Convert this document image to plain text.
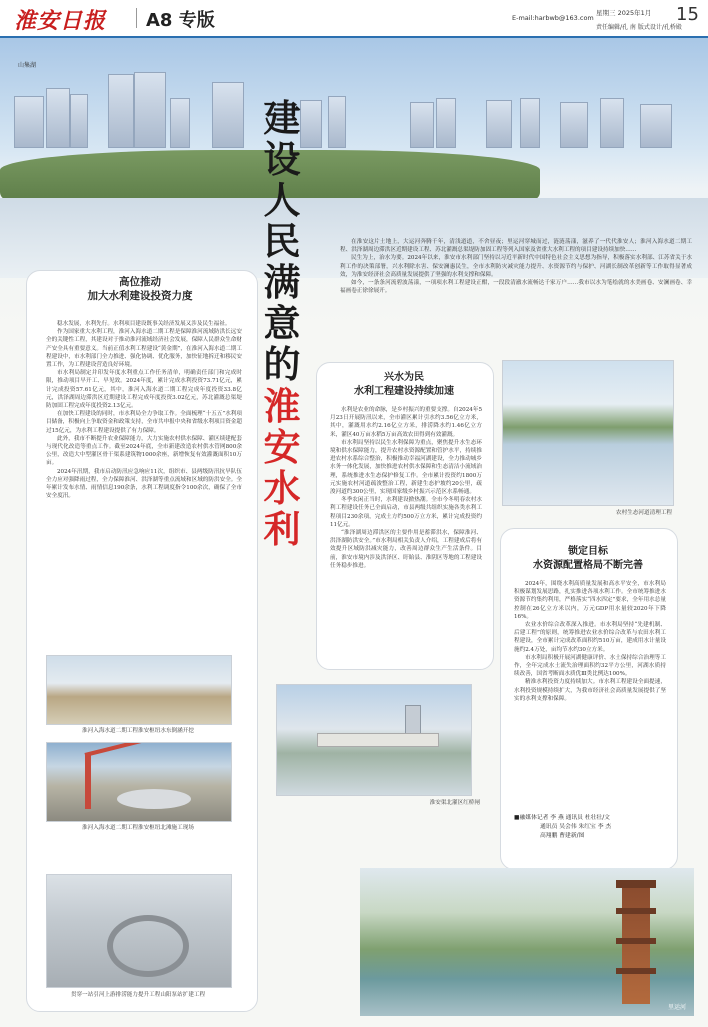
淮安日报 A8 专版	E-mail:harbwb@163.com
星期三 2025年1月 15
责任编辑/孔 南 版式设计/孔桥殿
山集湖
建
设
人
民
满
意
的
淮
安
水
利

在淮安这片土地上，大运河奔腾千年，清浅道道，不舍昼夜；里运河穿城而过，涟涟荡漾，滋养了一代代淮安人；淮河入海水道二期工程、洪泽湖周边滞洪区近期建设工程、苏北灌溉总渠堤防加固工程等列入国家及省重大水利工程的项目建设持续加快……

民生为上，治水为要。2024年以来，淮安市水利部门坚持以习近平新时代中国特色社会主义思想为指导，积极落实水利部、江苏省关于水利工作的决策部署，兴水利除水害、保安澜惠民生，全市水利防灾减灾能力提升、水资源节约与保护、河湖长制改革创新等工作取得显著成效，为淮安经济社会高质量发展提供了坚强的水利支撑和保障。

如今，一条条河流碧波荡漾，一项项水利工程建设正酣，一段段清澈水流畅达千家万户……我市以水为笔绘就的水美画卷、安澜画卷、幸福画卷正徐徐展开。

高位推动
加大水利建设投资力度

稳水发展，水利先行。水利项目建设既事关经济发展又涉及民生福祉。

作为国家重大水利工程，淮河入海水道二期工程是保障淮河流域防洪长远安全的关键性工程，其建设对于推动淮河流域经济社会发展，保障人民群众生命财产安全具有重要意义。当前正值水利工程建设“黄金期”，在淮河入海水道二期工程建设中，市水利部门全力推进、强化协调、优化服务，加快征地拆迁和移民安置工作，为工程建设营造良好环境。

市水利局制定并印发年度水利重点工作任务清单，明确责任部门和完成时限，推动项目早开工、早见效。2024年度，累计完成水利投资73.71亿元，累计完成投资57.61亿元，其中，淮河入海水道二期工程完成年度投资33.8亿元，洪泽湖周边滞洪区近期建设工程完成年度投资3.02亿元，苏北灌溉总渠堤防加固工程完成年度投资2.13亿元。

在加快工程建设的同时，市水利局全力争取工作。全面梳理“十五五”水利项目储备，积极向上争取资金和政策支持，全市共申报中央和省级水利项目资金超过15亿元，为水利工程建设提供了有力保障。

此外，我市不断提升农业保障能力，大力实施农村供水保障、灌区续建配套与现代化改造等重点工作。截至2024年底，全市新建改造农村供水管网800余公里，改造大中型灌区骨干渠系建筑物1000余座，新增恢复有效灌溉面积10万亩。

2024年汛期，我市启动防汛应急响应11次，组织市、县两级防汛抗旱队伍全力应对强降雨过程，全力保障淮河、洪泽湖等重点流域和区域的防洪安全。全年累计发布水情、雨情信息190余条，水利工程调度指令100余次，确保了全市安全度汛。

淮河入海水道二期工程淮安枢纽水东倒涵开挖
淮河入海水道二期工程淮安枢纽北滩施工现场
贯穿一站引河上游排涝能力提升工程山阳泵站扩建工程
兴水为民
水利工程建设持续加速

水利是农业的命脉，是乡村振兴的重要支撑。自2024年5月23日开展防汛以来，全市灌区累计引水约3.56亿立方米，其中，灌溉用水约2.16亿立方米，排涝降水约1.46亿立方米，灌区40万亩水稻5万亩高效农田得到有效灌溉。

市水利局坚持以民生水利保障为重点，聚焦提升水生态环境和供水保障能力，提升农村水资源配置和管护水平，持续推进农村水系综合整治，积极推动幸福河湖建设，全力推动城乡水务一体化发展，加快推进农村供水保障和生态清洁小流域治理，系统推进水生态保护修复工作。全市累计投资约1800万元实施农村河道疏浚整治工程，新建生态护坡约20公里，疏浚河道约300公里，实现国家级乡村振兴示范区水系畅通。

冬季农闲正当时，水利建设掀热潮。全市今冬明春农村水利工程建设任务已全面启动，市县两级共组织实施各类水利工程项目230余项，完成土方约500万立方米，累计完成投资约11亿元。

“淮泽湖周边滞洪区的主要作用是蓄滞洪水，保障淮河、洪泽湖防洪安全。”市水利局相关负责人介绍，工程建成后将有效提升区域防洪减灾能力，改善周边群众生产生活条件。目前，淮安市境内涉及洪泽区、盱眙县、淮阴区等地的工程建设任务稳步推进。

淮安渠北灌区红桥闸
农村生态河道清理工程
锁定目标
水资源配置格局不断完善

2024年，围绕水利高质量发展和高水平安全，市水利局积极谋划发展思路，扎实推进各项水利工作。全市统筹推进水资源节约集约利用，严格落实“四水四定”要求，全年用水总量控制在26亿立方米以内，万元GDP用水量较2020年下降16%。

农业水价综合改革深入推进。市水利局坚持“先建机制、后建工程”的原则，统筹推进农业水价综合改革与农田水利工程建设，全市累计完成改革面积约510万亩，建成用水计量设施约2.4万处，亩均节水约30立方米。

市水利局积极开展河湖健康评价、水土保持综合治理等工作，全年完成水土流失治理面积约32平方公里，河湖水质持续改善，国省考断面水质优Ⅲ类比例达100%。

精准水利投资力度持续加大。市水利工程建设全面提速，水利投资规模持续扩大，为我市经济社会高质量发展提供了坚实的水利支撑和保障。

■融媒体记者 李 燕 通讯员 杜壮壮/文
通讯员 吴会伟 朱红宝 李 杰
高翔鹏 曹建新/图
里运河
